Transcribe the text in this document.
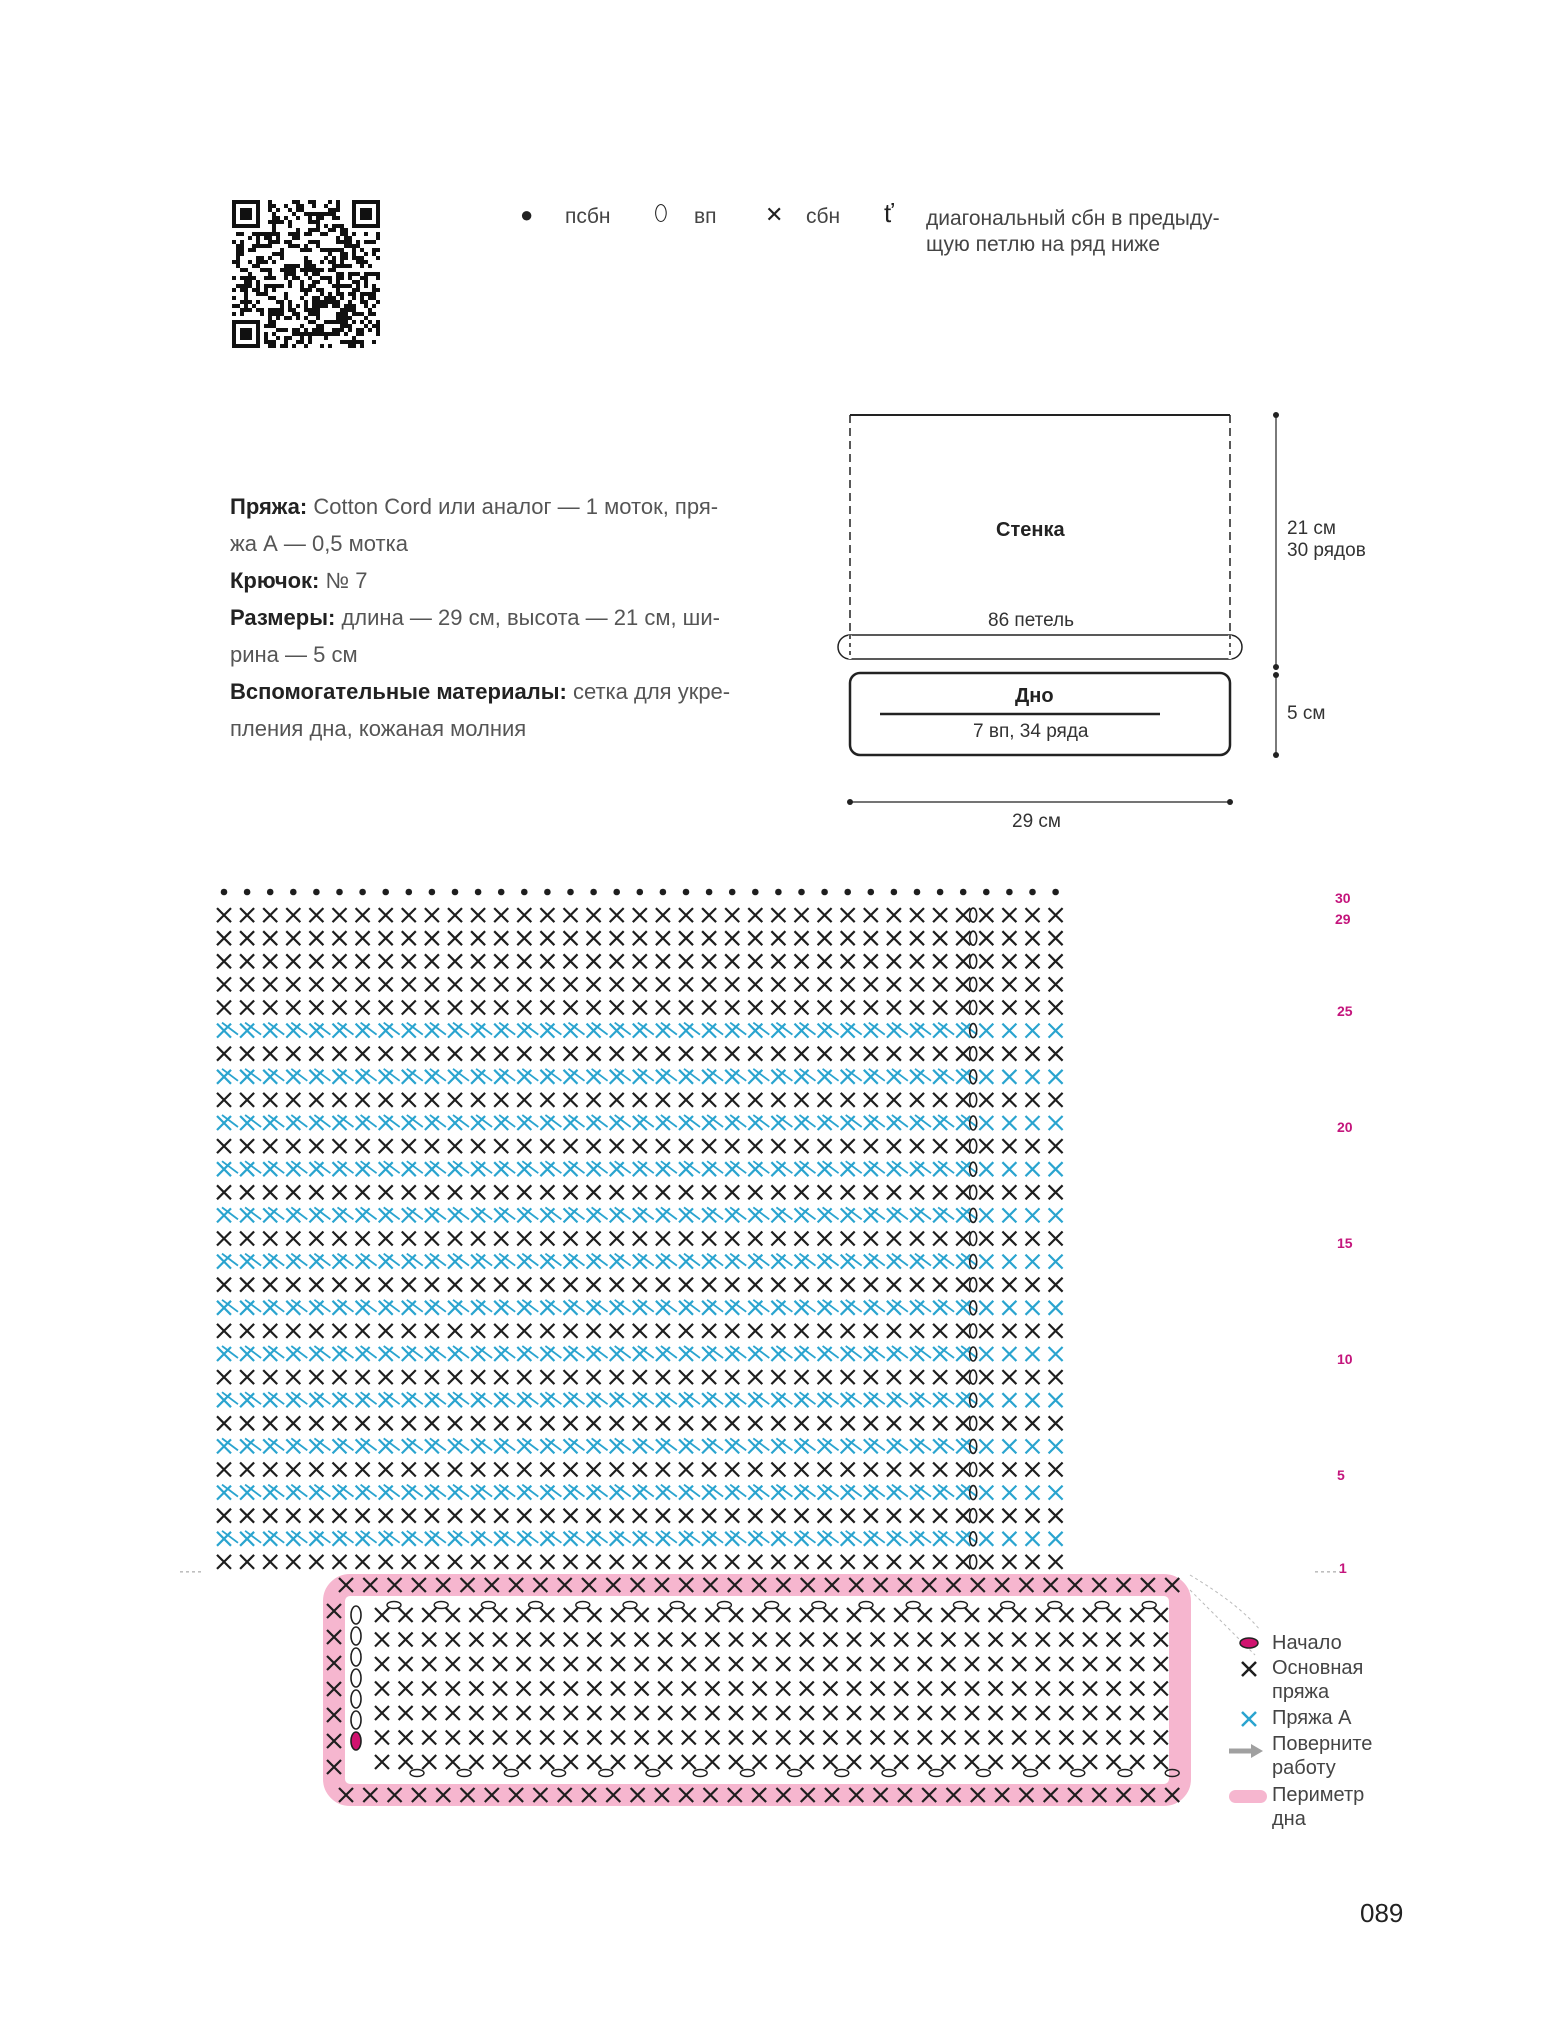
● псбн ⬯ вп ✕ сбн ť диагональный сбн в предыду-
щую петлю на ряд ниже
Пряжа: Cotton Cord или аналог — 1 моток, пря-
жа А — 0,5 мотка
Крючок: № 7
Размеры: длина — 29 см, высота — 21 см, ши-
рина — 5 см
Вспомогательные материалы: сетка для укре-
пления дна, кожаная молния
Стенка
86 петель
Дно
7 вп, 34 ряда
21 см
30 рядов
5 см
29 см
30
29
25
20
15
10
5
1
Начало
Основная
пряжа
Пряжа А
Поверните
работу
Периметр
дна
089
